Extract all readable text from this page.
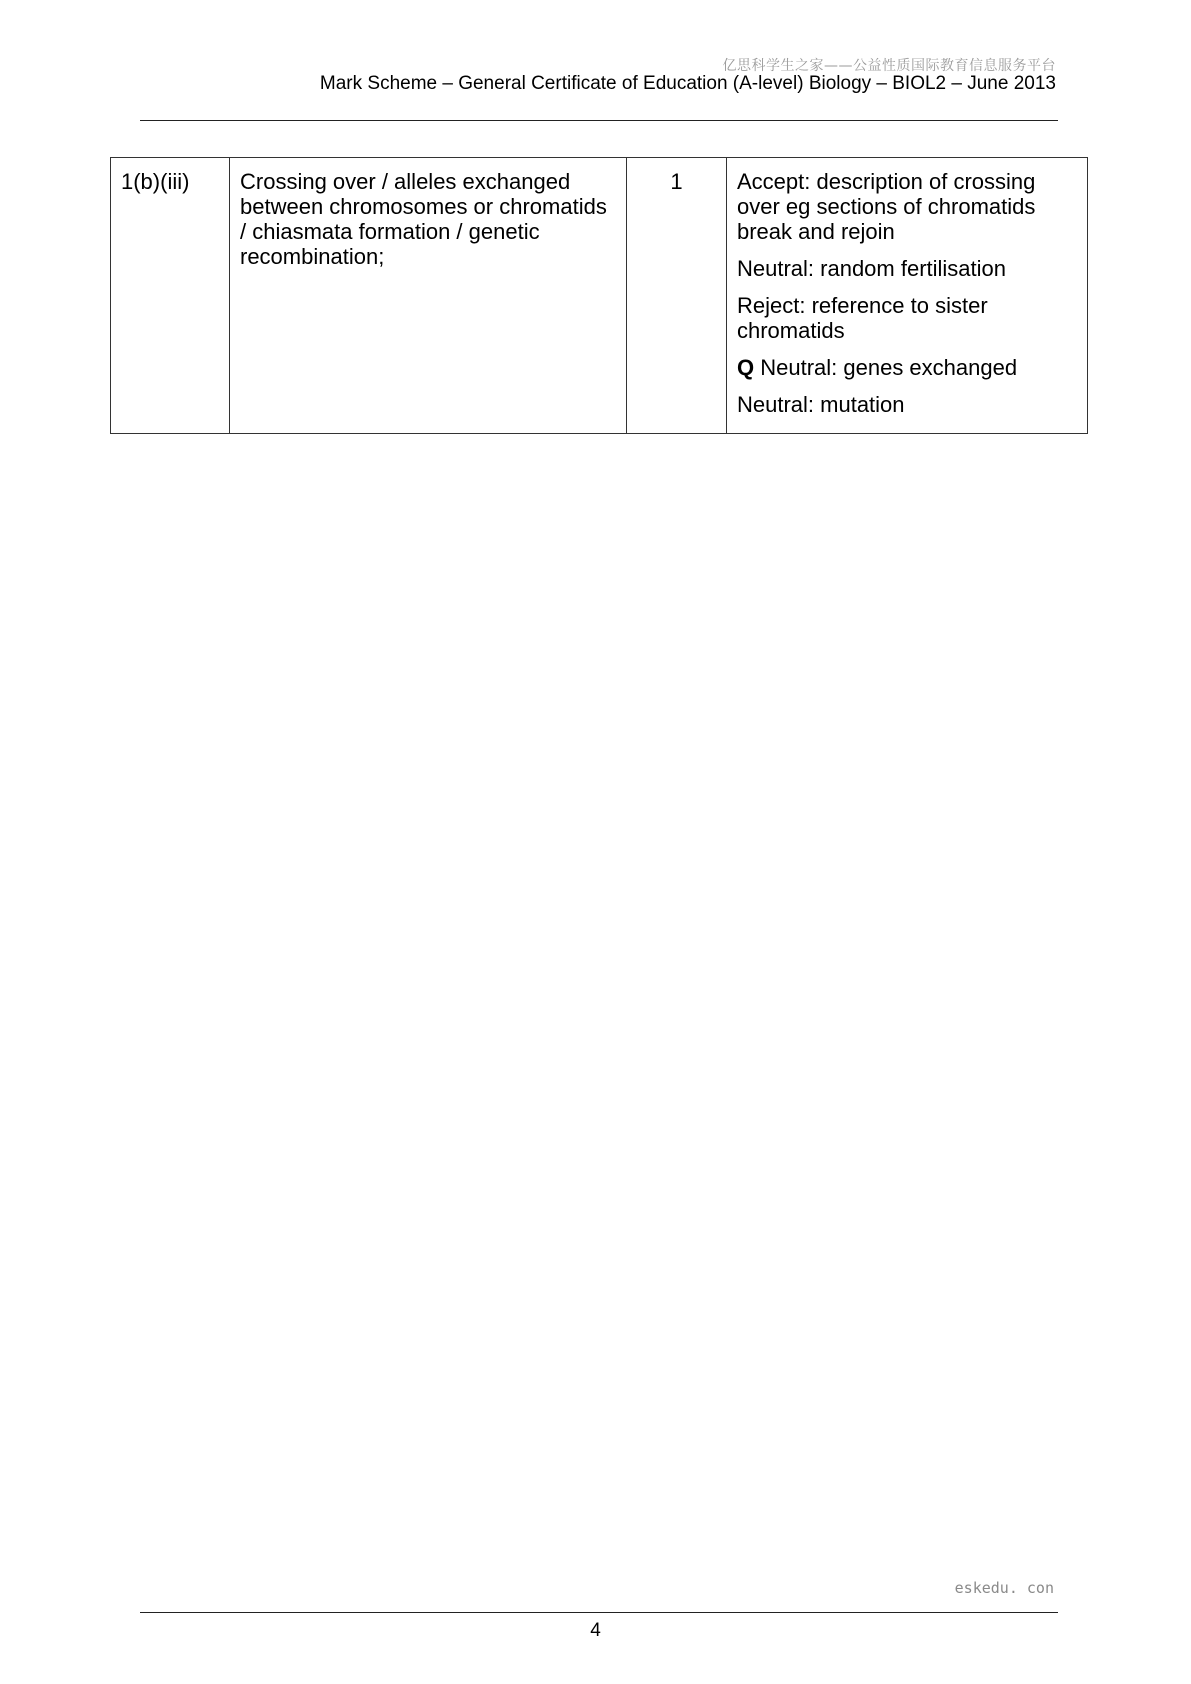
亿思科学生之家——公益性质国际教育信息服务平台
Mark Scheme – General Certificate of Education (A-level) Biology – BIOL2 – June 2013
1(b)(iii)	Crossing over / alleles exchanged between chromosomes or chromatids / chiasmata formation / genetic recombination;	1	Accept: description of crossing over eg sections of chromatids break and rejoin
Neutral: random fertilisation
Reject: reference to sister chromatids
Q Neutral: genes exchanged
Neutral: mutation
eskedu. con
4
